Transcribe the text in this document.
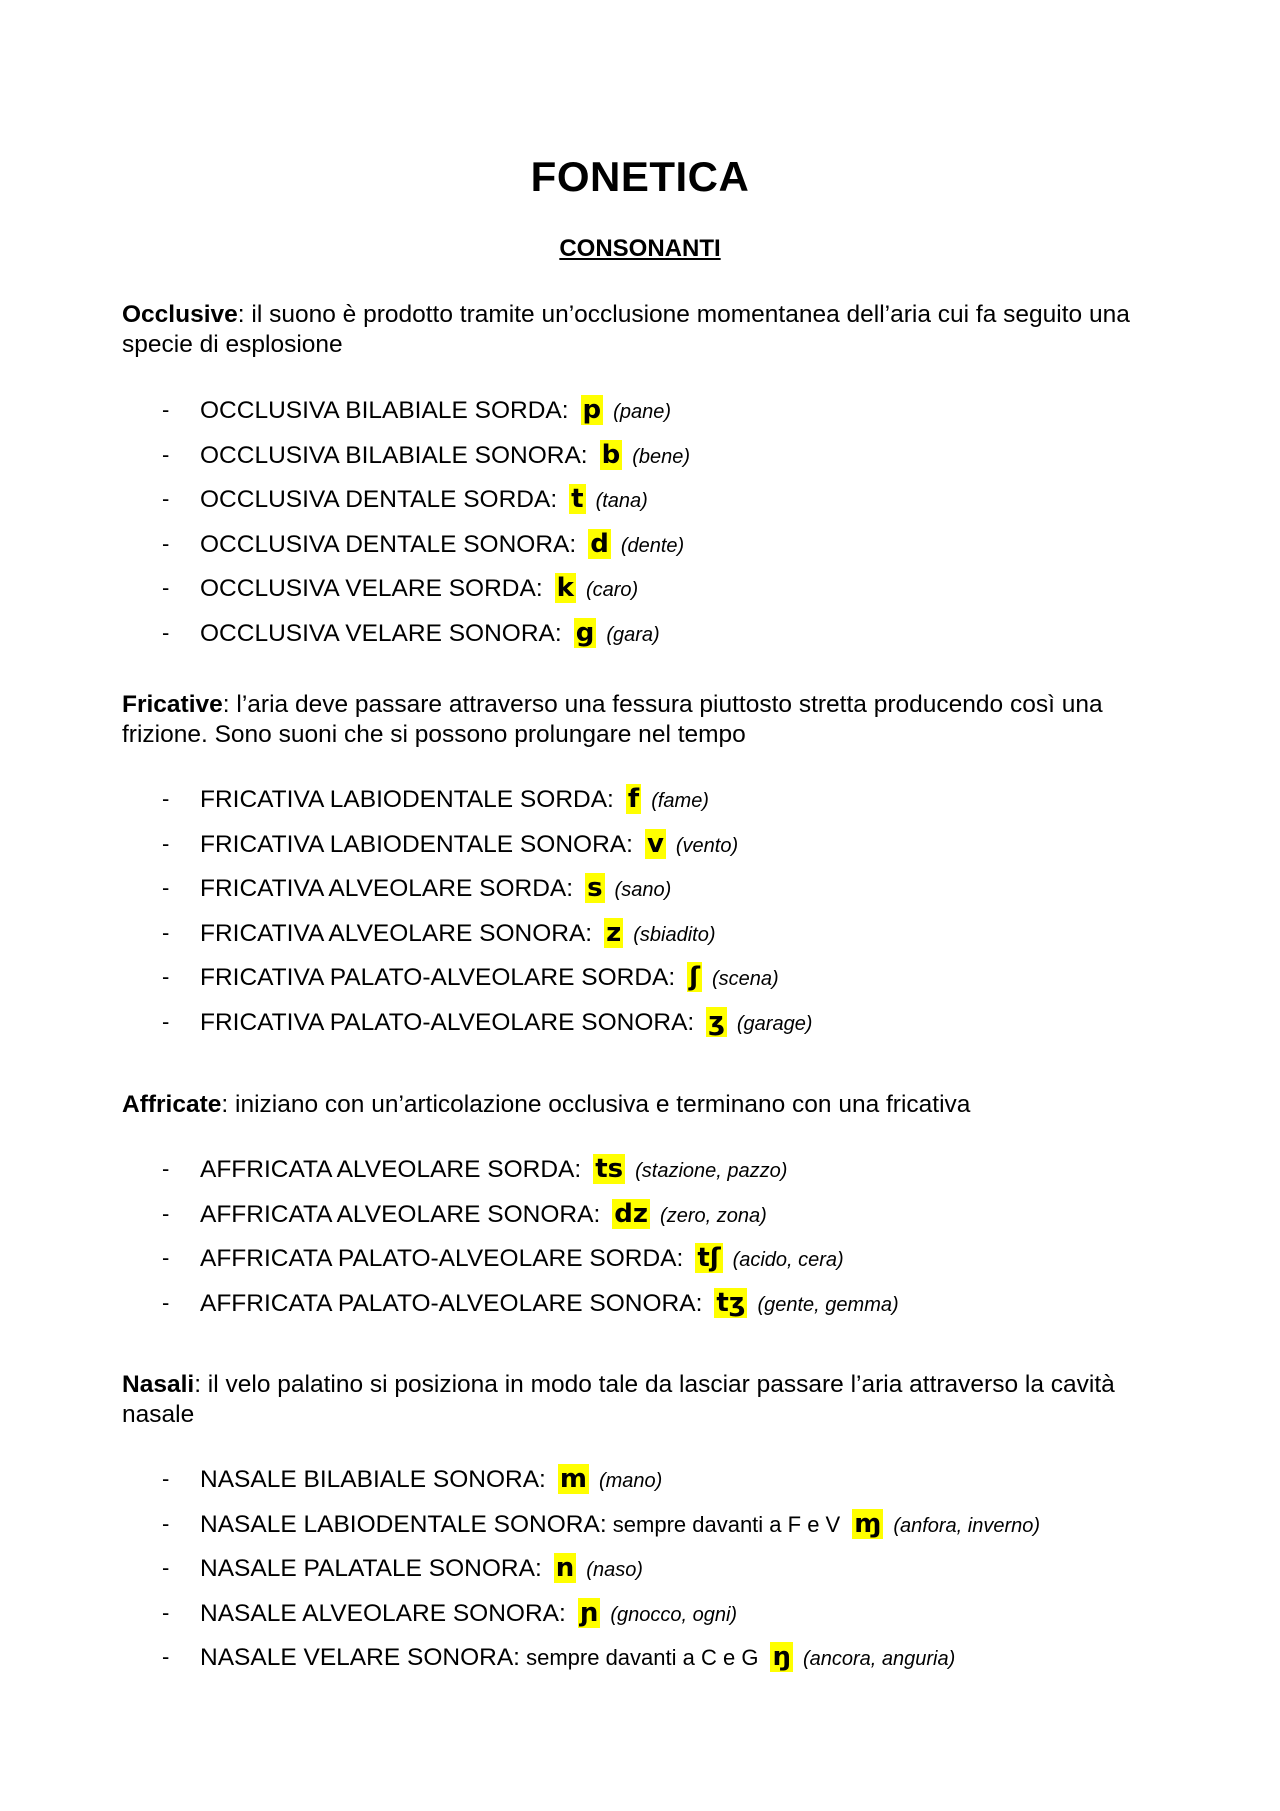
FONETICA
CONSONANTI

Occlusive: il suono è prodotto tramite un’occlusione momentanea dell’aria cui fa seguito una specie di esplosione

- OCCLUSIVA BILABIALE SORDA: p (pane)
- OCCLUSIVA BILABIALE SONORA: b (bene)
- OCCLUSIVA DENTALE SORDA: t (tana)
- OCCLUSIVA DENTALE SONORA: d (dente)
- OCCLUSIVA VELARE SORDA: k (caro)
- OCCLUSIVA VELARE SONORA: g (gara)

Fricative: l’aria deve passare attraverso una fessura piuttosto stretta producendo così una frizione. Sono suoni che si possono prolungare nel tempo

- FRICATIVA LABIODENTALE SORDA: f (fame)
- FRICATIVA LABIODENTALE SONORA: v (vento)
- FRICATIVA ALVEOLARE SORDA: s (sano)
- FRICATIVA ALVEOLARE SONORA: z (sbiadito)
- FRICATIVA PALATO-ALVEOLARE SORDA: ʃ (scena)
- FRICATIVA PALATO-ALVEOLARE SONORA: ʒ (garage)

Affricate: iniziano con un’articolazione occlusiva e terminano con una fricativa

- AFFRICATA ALVEOLARE SORDA: ts (stazione, pazzo)
- AFFRICATA ALVEOLARE SONORA: dz (zero, zona)
- AFFRICATA PALATO-ALVEOLARE SORDA: tʃ (acido, cera)
- AFFRICATA PALATO-ALVEOLARE SONORA: tʒ (gente, gemma)

Nasali: il velo palatino si posiziona in modo tale da lasciar passare l’aria attraverso la cavità nasale

- NASALE BILABIALE SONORA: m (mano)
- NASALE LABIODENTALE SONORA: sempre davanti a F e V ɱ (anfora, inverno)
- NASALE PALATALE SONORA: n (naso)
- NASALE ALVEOLARE SONORA: ɲ (gnocco, ogni)
- NASALE VELARE SONORA: sempre davanti a C e G ŋ (ancora, anguria)
